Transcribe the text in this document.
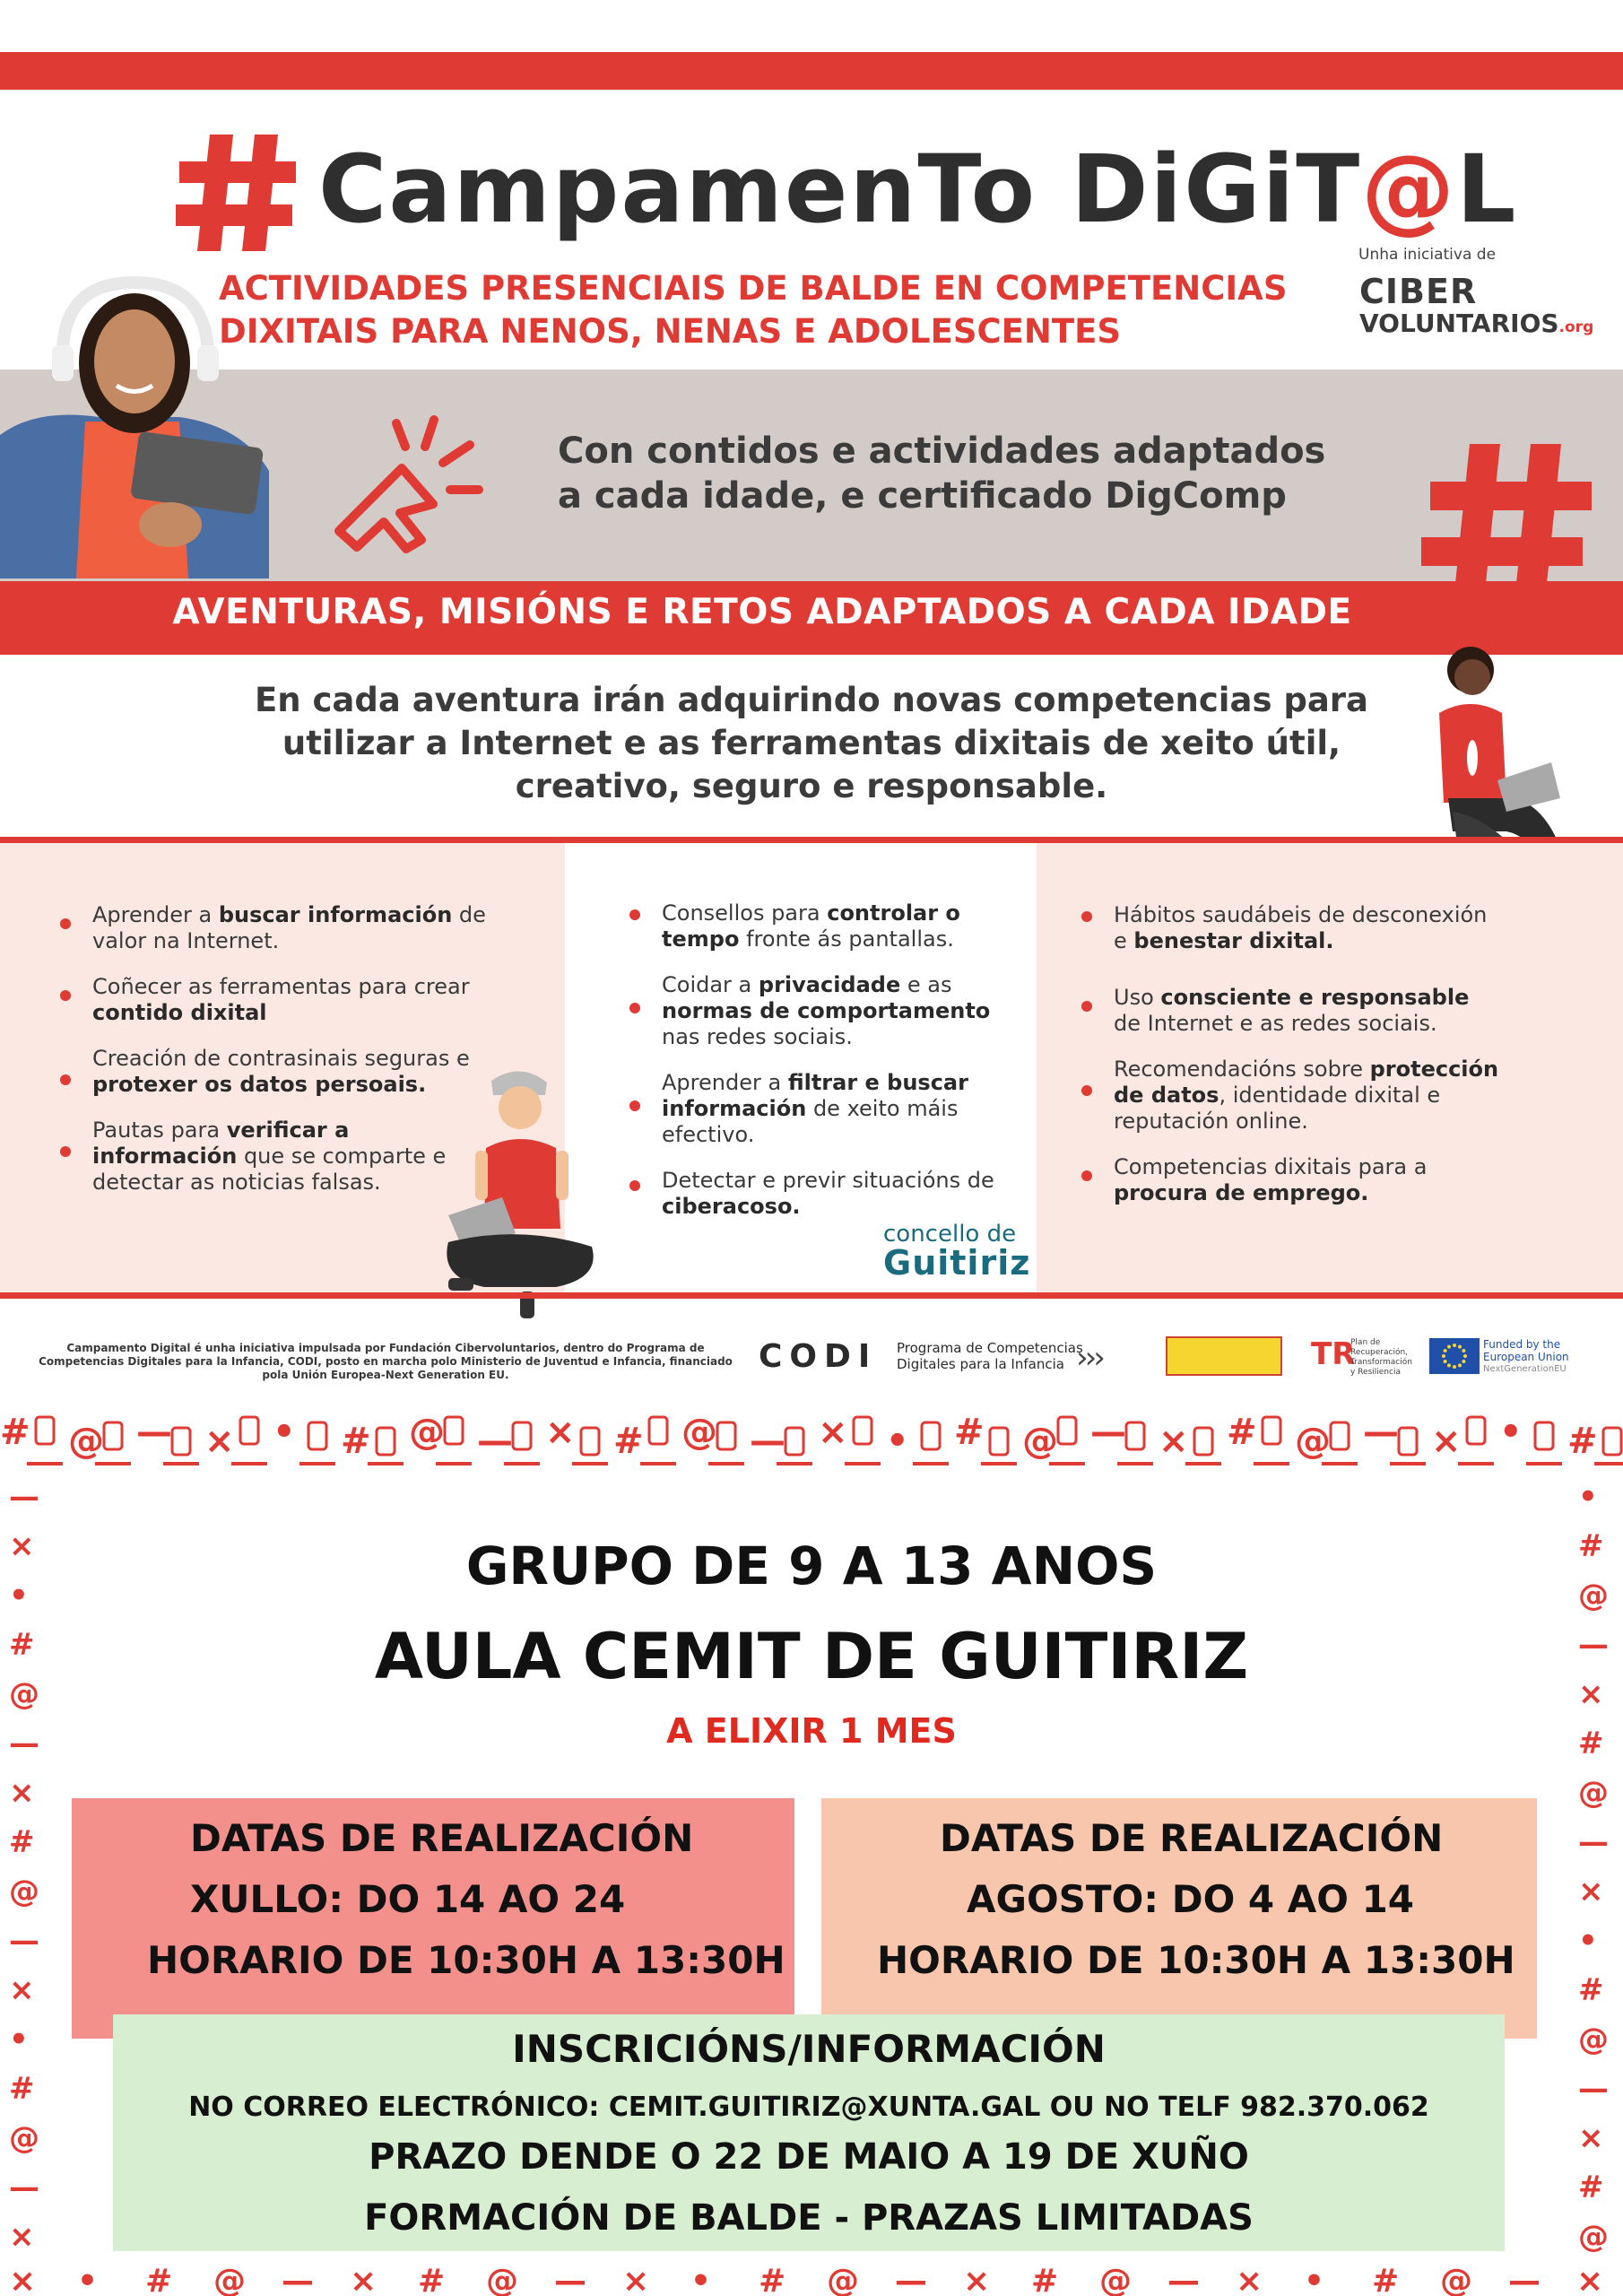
CampamenTo DiGiT@L
ACTIVIDADES PRESENCIAIS DE BALDE EN COMPETENCIAS
DIXITAIS PARA NENOS, NENAS E ADOLESCENTES
Unha iniciativa de
CIBER
VOLUNTARIOS.org
Con contidos e actividades adaptados
a cada idade, e certificado DigComp
AVENTURAS, MISIÓNS E RETOS ADAPTADOS A CADA IDADE
En cada aventura irán adquirindo novas competencias para
utilizar a Internet e as ferramentas dixitais de xeito útil,
creativo, seguro e responsable.
Aprender a buscar información de valor na Internet.
Coñecer as ferramentas para crear contido dixital
Creación de contrasinais seguras e protexer os datos persoais.
Pautas para verificar a información que se comparte e detectar as noticias falsas.
Consellos para controlar o tempo fronte ás pantallas.
Coidar a privacidade e as normas de comportamento nas redes sociais.
Aprender a filtrar e buscar información de xeito máis efectivo.
Detectar e previr situacións de ciberacoso.
Hábitos saudábeis de desconexión e benestar dixital.
Uso consciente e responsable de Internet e as redes sociais.
Recomendacións sobre protección de datos, identidade dixital e reputación online.
Competencias dixitais para a procura de emprego.
concello de
Guitiriz
Campamento Digital é unha iniciativa impulsada por Fundación Cibervoluntarios, dentro do Programa de Competencias Digitales para la Infancia, CODI, posto en marcha polo Ministerio de Juventud e Infancia, financiado pola Unión Europea-Next Generation EU.	CODI Programa de Competencias
Digitales para la Infancia ›››	TR
Plan de Recuperación,
Transformación
y Resiliencia
Funded by the
European Union
NextGenerationEU
# @ — × • # @ — × # @ — × • # @ — × # @ — × • #
—	•
×	#
•	@
#	—
@	×
—	#
×	@
#	—
@	×
—	•
×	#
•	@
#	—
@	×
—	#
×	@
× • # @ — × # @ — × • # @ — × # @ — × • # @ — ×
GRUPO DE 9 A 13 ANOS
AULA CEMIT DE GUITIRIZ
A ELIXIR 1 MES
DATAS DE REALIZACIÓN
XULLO: DO 14 AO 24
HORARIO DE 10:30H A 13:30H
DATAS DE REALIZACIÓN
AGOSTO: DO 4 AO 14
HORARIO DE 10:30H A 13:30H
INSCRICIÓNS/INFORMACIÓN
NO CORREO ELECTRÓNICO: CEMIT.GUITIRIZ@XUNTA.GAL OU NO TELF 982.370.062
PRAZO DENDE O 22 DE MAIO A 19 DE XUÑO
FORMACIÓN DE BALDE - PRAZAS LIMITADAS
